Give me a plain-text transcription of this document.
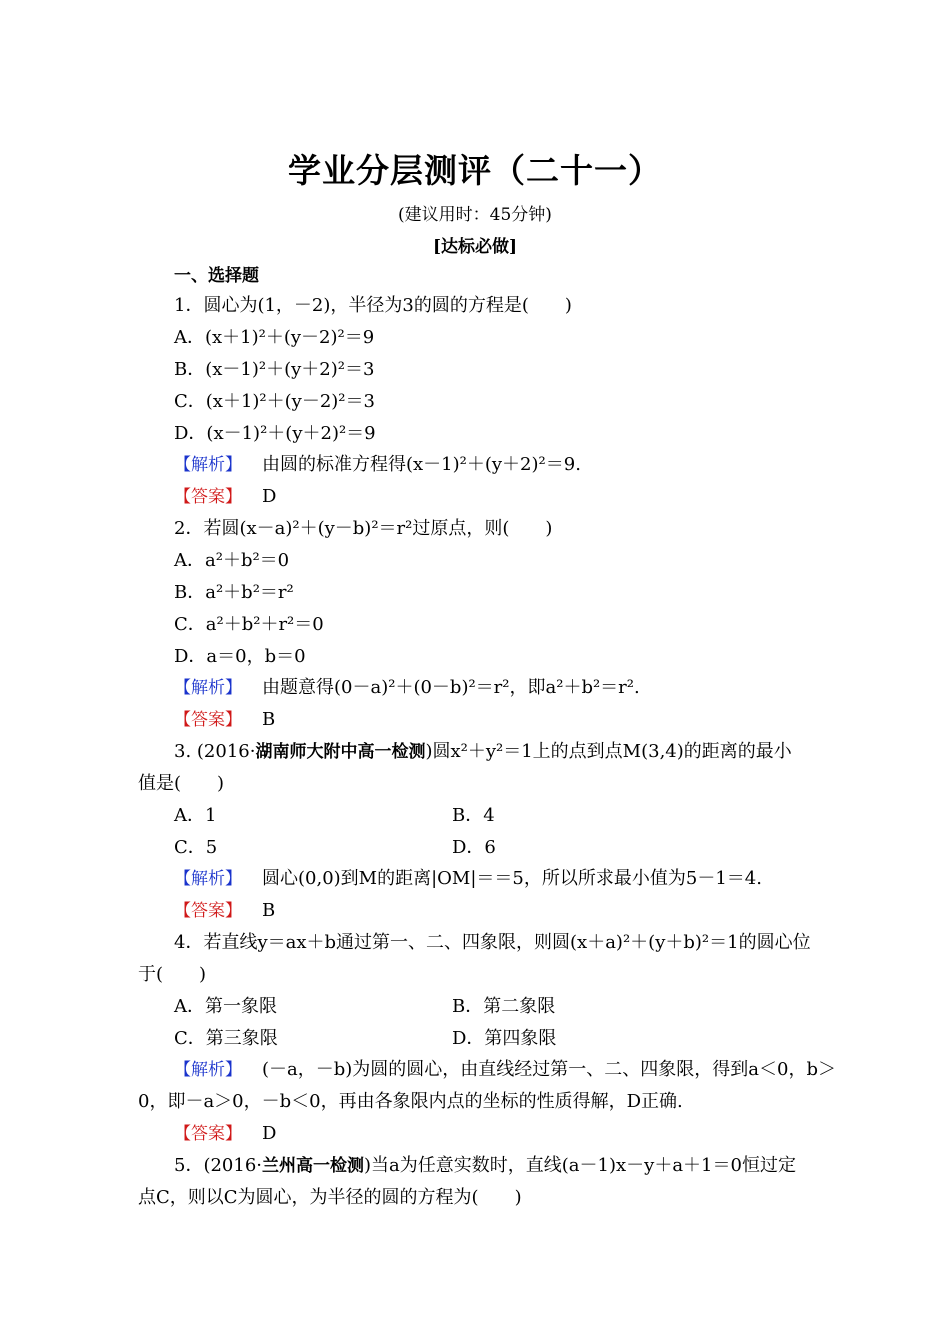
学业分层测评（二十一）
(建议用时：45分钟)
[达标必做]
一、选择题
1．圆心为(1，－2)，半径为3的圆的方程是(　　)
A．(x＋1)²＋(y－2)²＝9
B．(x－1)²＋(y＋2)²＝3
C．(x＋1)²＋(y－2)²＝3
D．(x－1)²＋(y＋2)²＝9
【解析】 由圆的标准方程得(x－1)²＋(y＋2)²＝9.
【答案】 D
2．若圆(x－a)²＋(y－b)²＝r²过原点，则(　　)
A．a²＋b²＝0
B．a²＋b²＝r²
C．a²＋b²＋r²＝0
D．a＝0，b＝0
【解析】 由题意得(0－a)²＋(0－b)²＝r²，即a²＋b²＝r².
【答案】 B
3. (2016·湖南师大附中高一检测)圆x²＋y²＝1上的点到点M(3,4)的距离的最小
值是(　　)
A．1	B．4
C．5	D．6
【解析】 圆心(0,0)到M的距离|OM|＝＝5，所以所求最小值为5－1＝4.
【答案】 B
4．若直线y＝ax＋b通过第一、二、四象限，则圆(x＋a)²＋(y＋b)²＝1的圆心位
于(　　)
A．第一象限	B．第二象限
C．第三象限	D．第四象限
【解析】 (－a，－b)为圆的圆心，由直线经过第一、二、四象限，得到a＜0，b＞
0，即－a＞0，－b＜0，再由各象限内点的坐标的性质得解，D正确.
【答案】 D
5．(2016·兰州高一检测)当a为任意实数时，直线(a－1)x－y＋a＋1＝0恒过定
点C，则以C为圆心，为半径的圆的方程为(　　)
